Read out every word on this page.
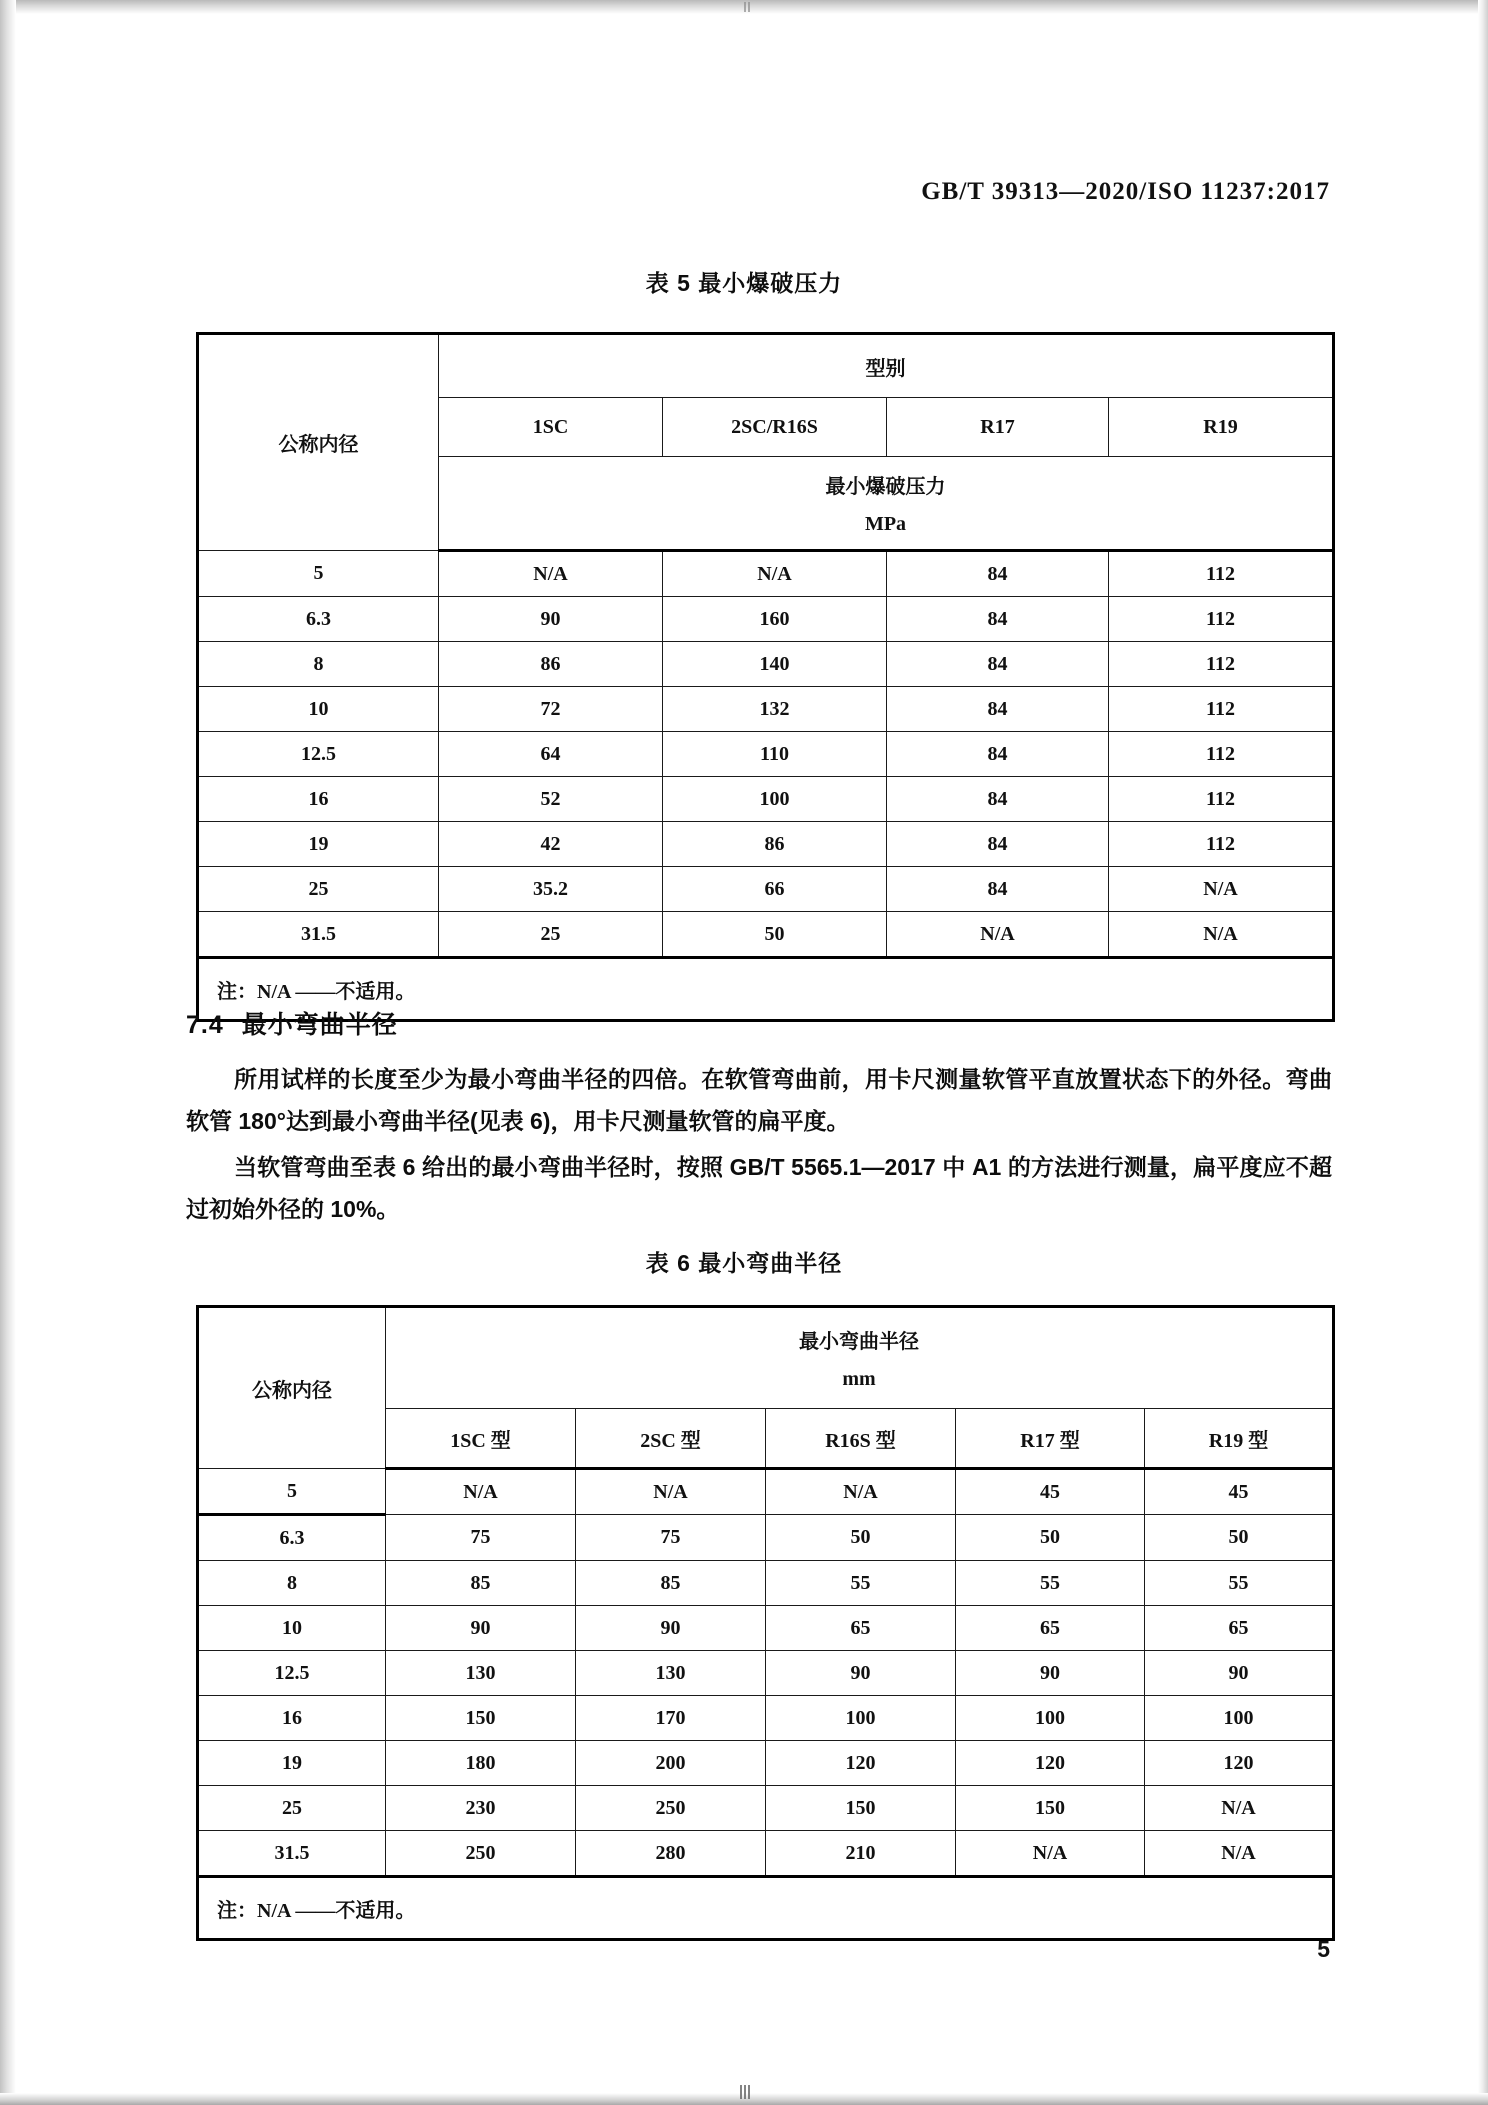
GB/T 39313—2020/ISO 11237:2017
表 5 最小爆破压力
公称内径	型别			
	1SC	2SC/R16S	R17	R19

	最小爆破压力
MPa			

5	N/A	N/A	84	112
6.3	90	160	84	112
8	86	140	84	112
10	72	132	84	112
12.5	64	110	84	112
16	52	100	84	112
19	42	86	84	112
25	35.2	66	84	N/A
31.5	25	50	N/A	N/A
注：N/A ——不适用。				
7.4 最小弯曲半径

所用试样的长度至少为最小弯曲半径的四倍。在软管弯曲前，用卡尺测量软管平直放置状态下的外径。弯曲软管 180°达到最小弯曲半径(见表 6)，用卡尺测量软管的扁平度。

当软管弯曲至表 6 给出的最小弯曲半径时，按照 GB/T 5565.1—2017 中 A1 的方法进行测量，扁平度应不超过初始外径的 10%。

表 6 最小弯曲半径
公称内径	最小弯曲半径
mm				

	1SC 型	2SC 型	R16S 型	R17 型	R19 型
5	N/A	N/A	N/A	45	45
6.3	75	75	50	50	50
8	85	85	55	55	55
10	90	90	65	65	65
12.5	130	130	90	90	90
16	150	170	100	100	100
19	180	200	120	120	120
25	230	250	150	150	N/A
31.5	250	280	210	N/A	N/A
注：N/A ——不适用。					
5
